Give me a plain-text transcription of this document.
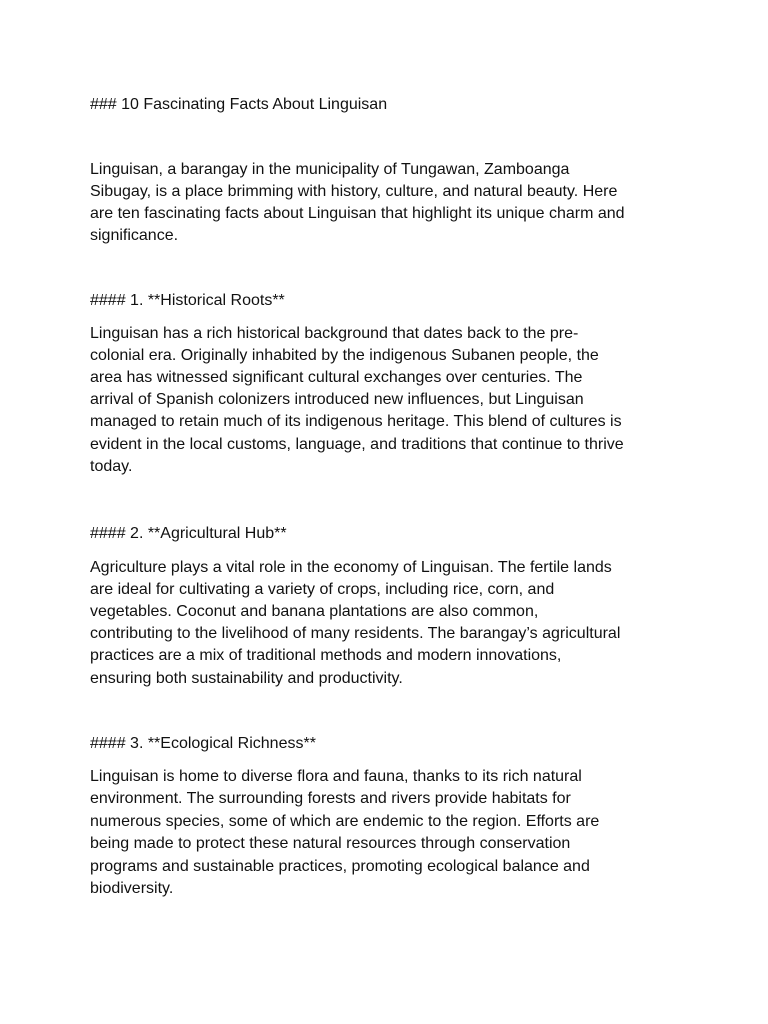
### 10 Fascinating Facts About Linguisan
Linguisan, a barangay in the municipality of Tungawan, Zamboanga
Sibugay, is a place brimming with history, culture, and natural beauty. Here
are ten fascinating facts about Linguisan that highlight its unique charm and
significance.
#### 1. **Historical Roots**
Linguisan has a rich historical background that dates back to the pre-
colonial era. Originally inhabited by the indigenous Subanen people, the
area has witnessed significant cultural exchanges over centuries. The
arrival of Spanish colonizers introduced new influences, but Linguisan
managed to retain much of its indigenous heritage. This blend of cultures is
evident in the local customs, language, and traditions that continue to thrive
today.
#### 2. **Agricultural Hub**
Agriculture plays a vital role in the economy of Linguisan. The fertile lands
are ideal for cultivating a variety of crops, including rice, corn, and
vegetables. Coconut and banana plantations are also common,
contributing to the livelihood of many residents. The barangay’s agricultural
practices are a mix of traditional methods and modern innovations,
ensuring both sustainability and productivity.
#### 3. **Ecological Richness**
Linguisan is home to diverse flora and fauna, thanks to its rich natural
environment. The surrounding forests and rivers provide habitats for
numerous species, some of which are endemic to the region. Efforts are
being made to protect these natural resources through conservation
programs and sustainable practices, promoting ecological balance and
biodiversity.
